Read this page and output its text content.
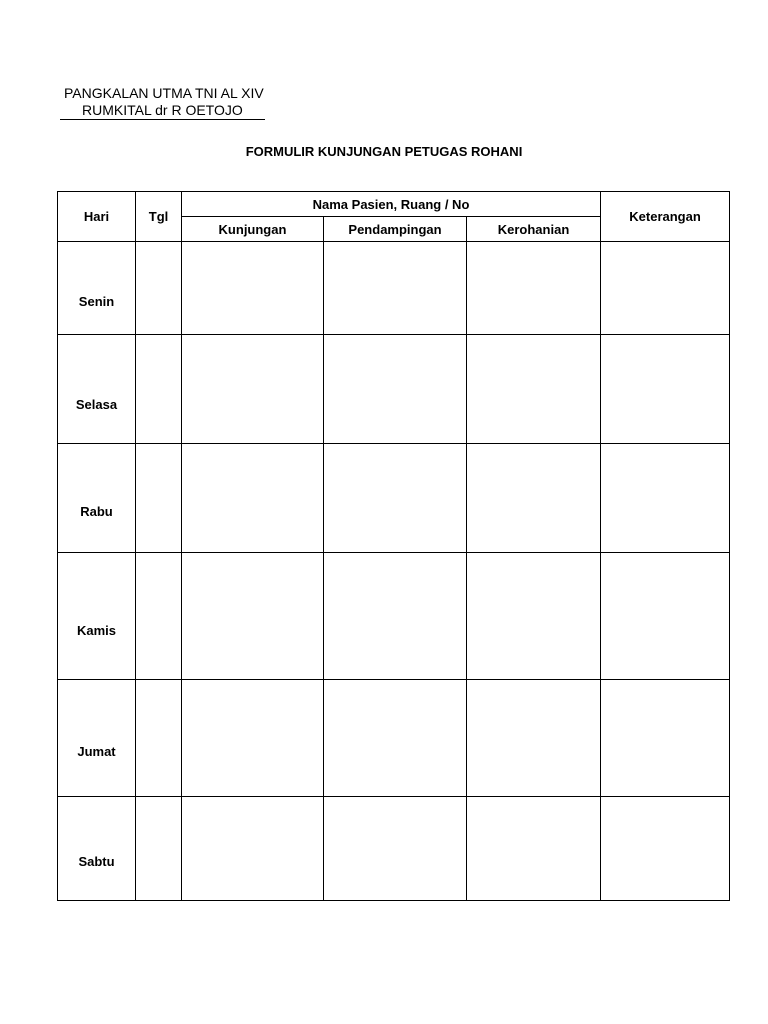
PANGKALAN UTMA TNI AL XIV
RUMKITAL dr R OETOJO
FORMULIR KUNJUNGAN PETUGAS ROHANI
Hari	Tgl	Nama Pasien, Ruang / No			Keterangan
		Kunjungan	Pendampingan	Kerohanian	

Senin					

Selasa					

Rabu					

Kamis					

Jumat					

Sabtu					
